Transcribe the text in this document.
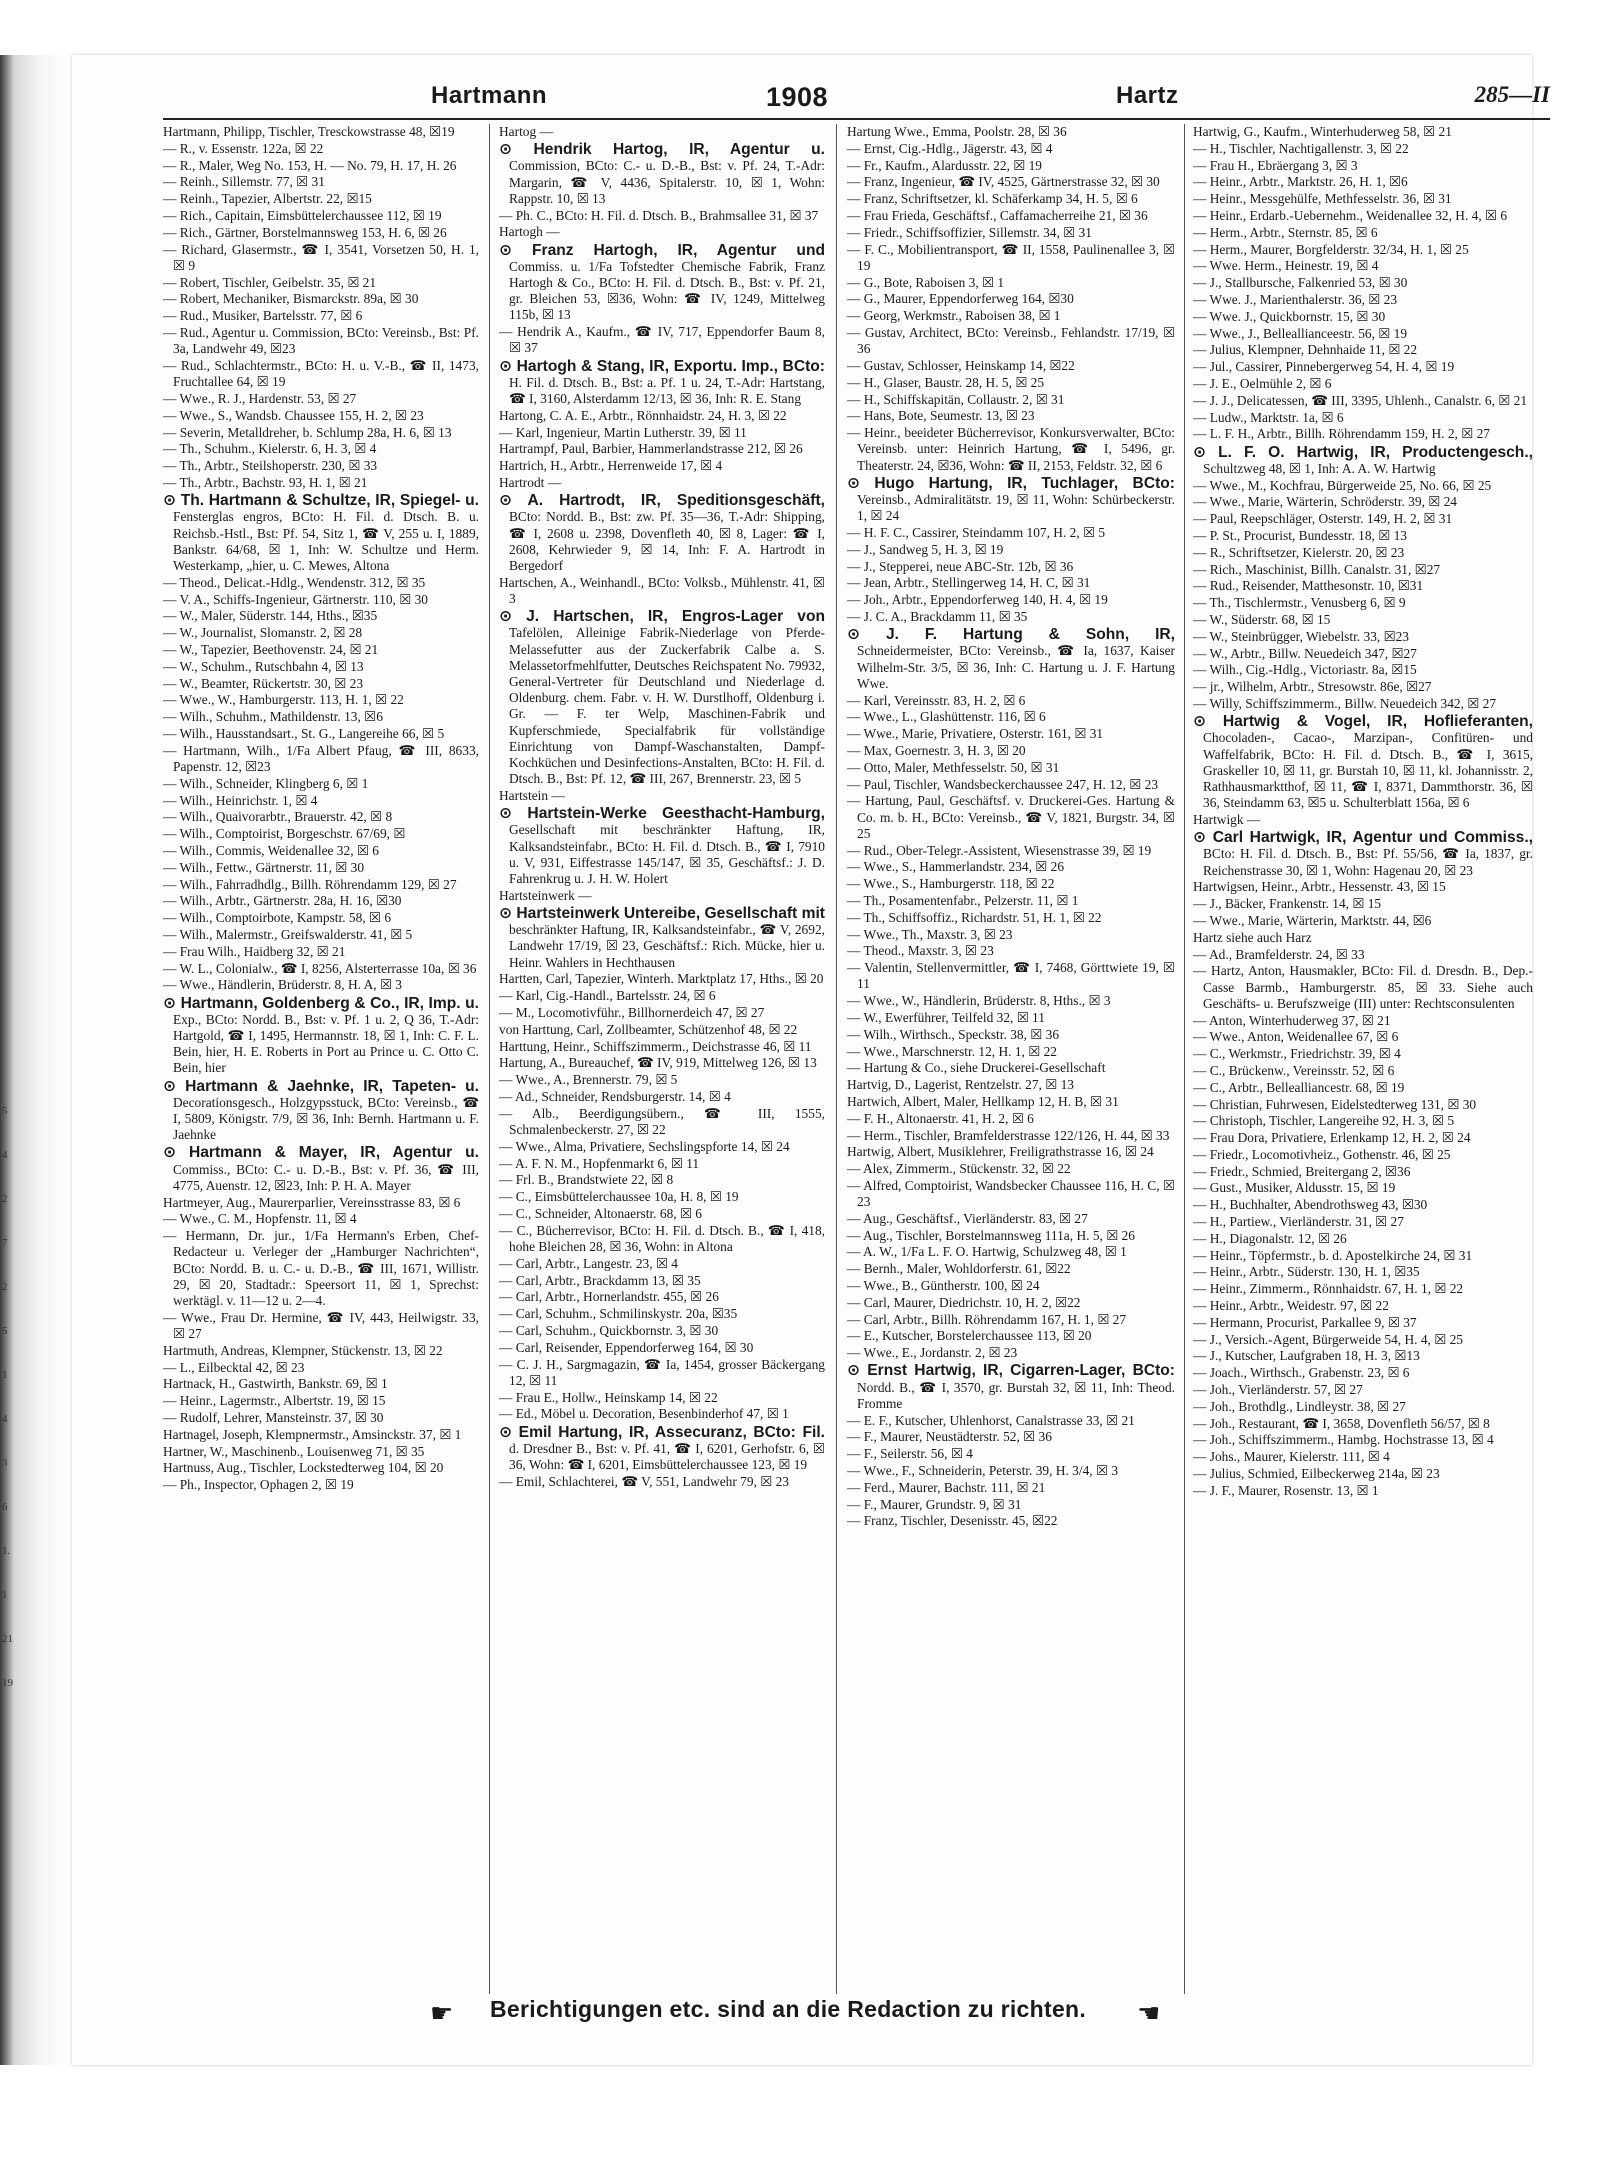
5
4
2
7
2
5
1
4
3
6
1.
1
21
19
Hartmann	1908	Hartz	285—II
Hartmann, Philipp, Tischler, Tresckowstrasse 48, ☒19
— R., v. Essenstr. 122a, ☒ 22
— R., Maler, Weg No. 153, H. — No. 79, H. 17, H. 26
— Reinh., Sillemstr. 77, ☒ 31
— Reinh., Tapezier, Albertstr. 22, ☒15
— Rich., Capitain, Eimsbüttelerchaussee 112, ☒ 19
— Rich., Gärtner, Borstelmannsweg 153, H. 6, ☒ 26
— Richard, Glasermstr., ☎ I, 3541, Vorsetzen 50, H. 1, ☒ 9
— Robert, Tischler, Geibelstr. 35, ☒ 21
— Robert, Mechaniker, Bismarckstr. 89a, ☒ 30
— Rud., Musiker, Bartelsstr. 77, ☒ 6
— Rud., Agentur u. Commission, BCto: Vereinsb., Bst: Pf. 3a, Landwehr 49, ☒23
— Rud., Schlachtermstr., BCto: H. u. V.-B., ☎ II, 1473, Fruchtallee 64, ☒ 19
— Wwe., R. J., Hardenstr. 53, ☒ 27
— Wwe., S., Wandsb. Chaussee 155, H. 2, ☒ 23
— Severin, Metalldreher, b. Schlump 28a, H. 6, ☒ 13
— Th., Schuhm., Kielerstr. 6, H. 3, ☒ 4
— Th., Arbtr., Steilshoperstr. 230, ☒ 33
— Th., Arbtr., Bachstr. 93, H. 1, ☒ 21
⊙ Th. Hartmann & Schultze, IR, Spiegel- u. Fensterglas engros, BCto: H. Fil. d. Dtsch. B. u. Reichsb.-Hstl., Bst: Pf. 54, Sitz 1, ☎ V, 255 u. I, 1889, Bankstr. 64/68, ☒ 1, Inh: W. Schultze und Herm. Westerkamp, „hier, u. C. Mewes, Altona
— Theod., Delicat.-Hdlg., Wendenstr. 312, ☒ 35
— V. A., Schiffs-Ingenieur, Gärtnerstr. 110, ☒ 30
— W., Maler, Süderstr. 144, Hths., ☒35
— W., Journalist, Slomanstr. 2, ☒ 28
— W., Tapezier, Beethovenstr. 24, ☒ 21
— W., Schuhm., Rutschbahn 4, ☒ 13
— W., Beamter, Rückertstr. 30, ☒ 23
— Wwe., W., Hamburgerstr. 113, H. 1, ☒ 22
— Wilh., Schuhm., Mathildenstr. 13, ☒6
— Wilh., Hausstandsart., St. G., Langereihe 66, ☒ 5
— Hartmann, Wilh., 1/Fa Albert Pfaug, ☎ III, 8633, Papenstr. 12, ☒23
— Wilh., Schneider, Klingberg 6, ☒ 1
— Wilh., Heinrichstr. 1, ☒ 4
— Wilh., Quaivorarbtr., Brauerstr. 42, ☒ 8
— Wilh., Comptoirist, Borgeschstr. 67/69, ☒
— Wilh., Commis, Weidenallee 32, ☒ 6
— Wilh., Fettw., Gärtnerstr. 11, ☒ 30
— Wilh., Fahrradhdlg., Billh. Röhrendamm 129, ☒ 27
— Wilh., Arbtr., Gärtnerstr. 28a, H. 16, ☒30
— Wilh., Comptoirbote, Kampstr. 58, ☒ 6
— Wilh., Malermstr., Greifswalderstr. 41, ☒ 5
— Frau Wilh., Haidberg 32, ☒ 21
— W. L., Colonialw., ☎ I, 8256, Alsterterrasse 10a, ☒ 36
— Wwe., Händlerin, Brüderstr. 8, H. A, ☒ 3
⊙ Hartmann, Goldenberg & Co., IR, Imp. u. Exp., BCto: Nordd. B., Bst: v. Pf. 1 u. 2, Q 36, T.-Adr: Hartgold, ☎ I, 1495, Hermannstr. 18, ☒ 1, Inh: C. F. L. Bein, hier, H. E. Roberts in Port au Prince u. C. Otto C. Bein, hier
⊙ Hartmann & Jaehnke, IR, Tapeten- u. Decorationsgesch., Holzgypsstuck, BCto: Vereinsb., ☎ I, 5809, Königstr. 7/9, ☒ 36, Inh: Bernh. Hartmann u. F. Jaehnke
⊙ Hartmann & Mayer, IR, Agentur u. Commiss., BCto: C.- u. D.-B., Bst: v. Pf. 36, ☎ III, 4775, Auenstr. 12, ☒23, Inh: P. H. A. Mayer
Hartmeyer, Aug., Maurerparlier, Vereinsstrasse 83, ☒ 6
— Wwe., C. M., Hopfenstr. 11, ☒ 4
— Hermann, Dr. jur., 1/Fa Hermann's Erben, Chef-Redacteur u. Verleger der „Hamburger Nachrichten“, BCto: Nordd. B. u. C.- u. D.-B., ☎ III, 1671, Willistr. 29, ☒ 20, Stadtadr.: Speersort 11, ☒ 1, Sprechst: werktägl. v. 11—12 u. 2—4.
— Wwe., Frau Dr. Hermine, ☎ IV, 443, Heilwigstr. 33, ☒ 27
Hartmuth, Andreas, Klempner, Stückenstr. 13, ☒ 22
— L., Eilbecktal 42, ☒ 23
Hartnack, H., Gastwirth, Bankstr. 69, ☒ 1
— Heinr., Lagermstr., Albertstr. 19, ☒ 15
— Rudolf, Lehrer, Mansteinstr. 37, ☒ 30
Hartnagel, Joseph, Klempnermstr., Amsinckstr. 37, ☒ 1
Hartner, W., Maschinenb., Louisenweg 71, ☒ 35
Hartnuss, Aug., Tischler, Lockstedterweg 104, ☒ 20
— Ph., Inspector, Ophagen 2, ☒ 19
Hartog —
⊙ Hendrik Hartog, IR, Agentur u. Commission, BCto: C.- u. D.-B., Bst: v. Pf. 24, T.-Adr: Margarin, ☎ V, 4436, Spitalerstr. 10, ☒ 1, Wohn: Rappstr. 10, ☒ 13
— Ph. C., BCto: H. Fil. d. Dtsch. B., Brahmsallee 31, ☒ 37
Hartogh —
⊙ Franz Hartogh, IR, Agentur und Commiss. u. 1/Fa Tofstedter Chemische Fabrik, Franz Hartogh & Co., BCto: H. Fil. d. Dtsch. B., Bst: v. Pf. 21, gr. Bleichen 53, ☒36, Wohn: ☎ IV, 1249, Mittelweg 115b, ☒ 13
— Hendrik A., Kaufm., ☎ IV, 717, Eppendorfer Baum 8, ☒ 37
⊙ Hartogh & Stang, IR, Exportu. Imp., BCto: H. Fil. d. Dtsch. B., Bst: a. Pf. 1 u. 24, T.-Adr: Hartstang, ☎ I, 3160, Alsterdamm 12/13, ☒ 36, Inh: R. E. Stang
Hartong, C. A. E., Arbtr., Rönnhaidstr. 24, H. 3, ☒ 22
— Karl, Ingenieur, Martin Lutherstr. 39, ☒ 11
Hartrampf, Paul, Barbier, Hammerlandstrasse 212, ☒ 26
Hartrich, H., Arbtr., Herrenweide 17, ☒ 4
Hartrodt —
⊙ A. Hartrodt, IR, Speditionsgeschäft, BCto: Nordd. B., Bst: zw. Pf. 35—36, T.-Adr: Shipping, ☎ I, 2608 u. 2398, Dovenfleth 40, ☒ 8, Lager: ☎ I, 2608, Kehrwieder 9, ☒ 14, Inh: F. A. Hartrodt in Bergedorf
Hartschen, A., Weinhandl., BCto: Volksb., Mühlenstr. 41, ☒ 3
⊙ J. Hartschen, IR, Engros-Lager von Tafelölen, Alleinige Fabrik-Niederlage von Pferde-Melassefutter aus der Zuckerfabrik Calbe a. S. Melassetorfmehlfutter, Deutsches Reichspatent No. 79932, General-Vertreter für Deutschland und Niederlage d. Oldenburg. chem. Fabr. v. H. W. Durstlhoff, Oldenburg i. Gr. — F. ter Welp, Maschinen-Fabrik und Kupferschmiede, Specialfabrik für vollständige Einrichtung von Dampf-Waschanstalten, Dampf-Kochküchen und Desinfections-Anstalten, BCto: H. Fil. d. Dtsch. B., Bst: Pf. 12, ☎ III, 267, Brennerstr. 23, ☒ 5
Hartstein —
⊙ Hartstein-Werke Geesthacht-Hamburg, Gesellschaft mit beschränkter Haftung, IR, Kalksandsteinfabr., BCto: H. Fil. d. Dtsch. B., ☎ I, 7910 u. V, 931, Eiffestrasse 145/147, ☒ 35, Geschäftsf.: J. D. Fahrenkrug u. J. H. W. Holert
Hartsteinwerk —
⊙ Hartsteinwerk Untereibe, Gesellschaft mit beschränkter Haftung, IR, Kalksandsteinfabr., ☎ V, 2692, Landwehr 17/19, ☒ 23, Geschäftsf.: Rich. Mücke, hier u. Heinr. Wahlers in Hechthausen
Hartten, Carl, Tapezier, Winterh. Marktplatz 17, Hths., ☒ 20
— Karl, Cig.-Handl., Bartelsstr. 24, ☒ 6
— M., Locomotivführ., Billhornerdeich 47, ☒ 27
von Harttung, Carl, Zollbeamter, Schützenhof 48, ☒ 22
Harttung, Heinr., Schiffszimmerm., Deichstrasse 46, ☒ 11
Hartung, A., Bureauchef, ☎ IV, 919, Mittelweg 126, ☒ 13
— Wwe., A., Brennerstr. 79, ☒ 5
— Ad., Schneider, Rendsburgerstr. 14, ☒ 4
— Alb., Beerdigungsübern., ☎ III, 1555, Schmalenbeckerstr. 27, ☒ 22
— Wwe., Alma, Privatiere, Sechslingspforte 14, ☒ 24
— A. F. N. M., Hopfenmarkt 6, ☒ 11
— Frl. B., Brandstwiete 22, ☒ 8
— C., Eimsbüttelerchaussee 10a, H. 8, ☒ 19
— C., Schneider, Altonaerstr. 68, ☒ 6
— C., Bücherrevisor, BCto: H. Fil. d. Dtsch. B., ☎ I, 418, hohe Bleichen 28, ☒ 36, Wohn: in Altona
— Carl, Arbtr., Langestr. 23, ☒ 4
— Carl, Arbtr., Brackdamm 13, ☒ 35
— Carl, Arbtr., Hornerlandstr. 455, ☒ 26
— Carl, Schuhm., Schmilinskystr. 20a, ☒35
— Carl, Schuhm., Quickbornstr. 3, ☒ 30
— Carl, Reisender, Eppendorferweg 164, ☒ 30
— C. J. H., Sargmagazin, ☎ Ia, 1454, grosser Bäckergang 12, ☒ 11
— Frau E., Hollw., Heinskamp 14, ☒ 22
— Ed., Möbel u. Decoration, Besenbinderhof 47, ☒ 1
⊙ Emil Hartung, IR, Assecuranz, BCto: Fil. d. Dresdner B., Bst: v. Pf. 41, ☎ I, 6201, Gerhofstr. 6, ☒ 36, Wohn: ☎ I, 6201, Eimsbüttelerchaussee 123, ☒ 19
— Emil, Schlachterei, ☎ V, 551, Landwehr 79, ☒ 23
Hartung Wwe., Emma, Poolstr. 28, ☒ 36
— Ernst, Cig.-Hdlg., Jägerstr. 43, ☒ 4
— Fr., Kaufm., Alardusstr. 22, ☒ 19
— Franz, Ingenieur, ☎ IV, 4525, Gärtnerstrasse 32, ☒ 30
— Franz, Schriftsetzer, kl. Schäferkamp 34, H. 5, ☒ 6
— Frau Frieda, Geschäftsf., Caffamacherreihe 21, ☒ 36
— Friedr., Schiffsoffizier, Sillemstr. 34, ☒ 31
— F. C., Mobilientransport, ☎ II, 1558, Paulinenallee 3, ☒ 19
— G., Bote, Raboisen 3, ☒ 1
— G., Maurer, Eppendorferweg 164, ☒30
— Georg, Werkmstr., Raboisen 38, ☒ 1
— Gustav, Architect, BCto: Vereinsb., Fehlandstr. 17/19, ☒ 36
— Gustav, Schlosser, Heinskamp 14, ☒22
— H., Glaser, Baustr. 28, H. 5, ☒ 25
— H., Schiffskapitän, Collaustr. 2, ☒ 31
— Hans, Bote, Seumestr. 13, ☒ 23
— Heinr., beeideter Bücherrevisor, Konkursverwalter, BCto: Vereinsb. unter: Heinrich Hartung, ☎ I, 5496, gr. Theaterstr. 24, ☒36, Wohn: ☎ II, 2153, Feldstr. 32, ☒ 6
⊙ Hugo Hartung, IR, Tuchlager, BCto: Vereinsb., Admiralitätstr. 19, ☒ 11, Wohn: Schürbeckerstr. 1, ☒ 24
— H. F. C., Cassirer, Steindamm 107, H. 2, ☒ 5
— J., Sandweg 5, H. 3, ☒ 19
— J., Stepperei, neue ABC-Str. 12b, ☒ 36
— Jean, Arbtr., Stellingerweg 14, H. C, ☒ 31
— Joh., Arbtr., Eppendorferweg 140, H. 4, ☒ 19
— J. C. A., Brackdamm 11, ☒ 35
⊙ J. F. Hartung & Sohn, IR, Schneidermeister, BCto: Vereinsb., ☎ Ia, 1637, Kaiser Wilhelm-Str. 3/5, ☒ 36, Inh: C. Hartung u. J. F. Hartung Wwe.
— Karl, Vereinsstr. 83, H. 2, ☒ 6
— Wwe., L., Glashüttenstr. 116, ☒ 6
— Wwe., Marie, Privatiere, Osterstr. 161, ☒ 31
— Max, Goernestr. 3, H. 3, ☒ 20
— Otto, Maler, Methfesselstr. 50, ☒ 31
— Paul, Tischler, Wandsbeckerchaussee 247, H. 12, ☒ 23
— Hartung, Paul, Geschäftsf. v. Druckerei-Ges. Hartung & Co. m. b. H., BCto: Vereinsb., ☎ V, 1821, Burgstr. 34, ☒ 25
— Rud., Ober-Telegr.-Assistent, Wiesenstrasse 39, ☒ 19
— Wwe., S., Hammerlandstr. 234, ☒ 26
— Wwe., S., Hamburgerstr. 118, ☒ 22
— Th., Posamentenfabr., Pelzerstr. 11, ☒ 1
— Th., Schiffsoffiz., Richardstr. 51, H. 1, ☒ 22
— Wwe., Th., Maxstr. 3, ☒ 23
— Theod., Maxstr. 3, ☒ 23
— Valentin, Stellenvermittler, ☎ I, 7468, Görttwiete 19, ☒ 11
— Wwe., W., Händlerin, Brüderstr. 8, Hths., ☒ 3
— W., Ewerführer, Teilfeld 32, ☒ 11
— Wilh., Wirthsch., Speckstr. 38, ☒ 36
— Wwe., Marschnerstr. 12, H. 1, ☒ 22
— Hartung & Co., siehe Druckerei-Gesellschaft
Hartvig, D., Lagerist, Rentzelstr. 27, ☒ 13
Hartwich, Albert, Maler, Hellkamp 12, H. B, ☒ 31
— F. H., Altonaerstr. 41, H. 2, ☒ 6
— Herm., Tischler, Bramfelderstrasse 122/126, H. 44, ☒ 33
Hartwig, Albert, Musiklehrer, Freiligrathstrasse 16, ☒ 24
— Alex, Zimmerm., Stückenstr. 32, ☒ 22
— Alfred, Comptoirist, Wandsbecker Chaussee 116, H. C, ☒ 23
— Aug., Geschäftsf., Vierländerstr. 83, ☒ 27
— Aug., Tischler, Borstelmannsweg 111a, H. 5, ☒ 26
— A. W., 1/Fa L. F. O. Hartwig, Schulzweg 48, ☒ 1
— Bernh., Maler, Wohldorferstr. 61, ☒22
— Wwe., B., Güntherstr. 100, ☒ 24
— Carl, Maurer, Diedrichstr. 10, H. 2, ☒22
— Carl, Arbtr., Billh. Röhrendamm 167, H. 1, ☒ 27
— E., Kutscher, Borstelerchaussee 113, ☒ 20
— Wwe., E., Jordanstr. 2, ☒ 23
⊙ Ernst Hartwig, IR, Cigarren-Lager, BCto: Nordd. B., ☎ I, 3570, gr. Burstah 32, ☒ 11, Inh: Theod. Fromme
— E. F., Kutscher, Uhlenhorst, Canalstrasse 33, ☒ 21
— F., Maurer, Neustädterstr. 52, ☒ 36
— F., Seilerstr. 56, ☒ 4
— Wwe., F., Schneiderin, Peterstr. 39, H. 3/4, ☒ 3
— Ferd., Maurer, Bachstr. 111, ☒ 21
— F., Maurer, Grundstr. 9, ☒ 31
— Franz, Tischler, Desenisstr. 45, ☒22
Hartwig, G., Kaufm., Winterhuderweg 58, ☒ 21
— H., Tischler, Nachtigallenstr. 3, ☒ 22
— Frau H., Ebräergang 3, ☒ 3
— Heinr., Arbtr., Marktstr. 26, H. 1, ☒6
— Heinr., Messgehülfe, Methfesselstr. 36, ☒ 31
— Heinr., Erdarb.-Uebernehm., Weidenallee 32, H. 4, ☒ 6
— Herm., Arbtr., Sternstr. 85, ☒ 6
— Herm., Maurer, Borgfelderstr. 32/34, H. 1, ☒ 25
— Wwe. Herm., Heinestr. 19, ☒ 4
— J., Stallbursche, Falkenried 53, ☒ 30
— Wwe. J., Marienthalerstr. 36, ☒ 23
— Wwe. J., Quickbornstr. 15, ☒ 30
— Wwe., J., Belleallianceestr. 56, ☒ 19
— Julius, Klempner, Dehnhaide 11, ☒ 22
— Jul., Cassirer, Pinnebergerweg 54, H. 4, ☒ 19
— J. E., Oelmühle 2, ☒ 6
— J. J., Delicatessen, ☎ III, 3395, Uhlenh., Canalstr. 6, ☒ 21
— Ludw., Marktstr. 1a, ☒ 6
— L. F. H., Arbtr., Billh. Röhrendamm 159, H. 2, ☒ 27
⊙ L. F. O. Hartwig, IR, Productengesch., Schultzweg 48, ☒ 1, Inh: A. A. W. Hartwig
— Wwe., M., Kochfrau, Bürgerweide 25, No. 66, ☒ 25
— Wwe., Marie, Wärterin, Schröderstr. 39, ☒ 24
— Paul, Reepschläger, Osterstr. 149, H. 2, ☒ 31
— P. St., Procurist, Bundesstr. 18, ☒ 13
— R., Schriftsetzer, Kielerstr. 20, ☒ 23
— Rich., Maschinist, Billh. Canalstr. 31, ☒27
— Rud., Reisender, Matthesonstr. 10, ☒31
— Th., Tischlermstr., Venusberg 6, ☒ 9
— W., Süderstr. 68, ☒ 15
— W., Steinbrügger, Wiebelstr. 33, ☒23
— W., Arbtr., Billw. Neuedeich 347, ☒27
— Wilh., Cig.-Hdlg., Victoriastr. 8a, ☒15
— jr., Wilhelm, Arbtr., Stresowstr. 86e, ☒27
— Willy, Schiffszimmerm., Billw. Neuedeich 342, ☒ 27
⊙ Hartwig & Vogel, IR, Hoflieferanten, Chocoladen-, Cacao-, Marzipan-, Confitüren- und Waffelfabrik, BCto: H. Fil. d. Dtsch. B., ☎ I, 3615, Graskeller 10, ☒ 11, gr. Burstah 10, ☒ 11, kl. Johannisstr. 2, Rathhausmarktthof, ☒ 11, ☎ I, 8371, Dammthorstr. 36, ☒ 36, Steindamm 63, ☒5 u. Schulterblatt 156a, ☒ 6
Hartwigk —
⊙ Carl Hartwigk, IR, Agentur und Commiss., BCto: H. Fil. d. Dtsch. B., Bst: Pf. 55/56, ☎ Ia, 1837, gr. Reichenstrasse 30, ☒ 1, Wohn: Hagenau 20, ☒ 23
Hartwigsen, Heinr., Arbtr., Hessenstr. 43, ☒ 15
— J., Bäcker, Frankenstr. 14, ☒ 15
— Wwe., Marie, Wärterin, Marktstr. 44, ☒6
Hartz siehe auch Harz
— Ad., Bramfelderstr. 24, ☒ 33
— Hartz, Anton, Hausmakler, BCto: Fil. d. Dresdn. B., Dep.-Casse Barmb., Hamburgerstr. 85, ☒ 33. Siehe auch Geschäfts- u. Berufszweige (III) unter: Rechtsconsulenten
— Anton, Winterhuderweg 37, ☒ 21
— Wwe., Anton, Weidenallee 67, ☒ 6
— C., Werkmstr., Friedrichstr. 39, ☒ 4
— C., Brückenw., Vereinsstr. 52, ☒ 6
— C., Arbtr., Bellealliancestr. 68, ☒ 19
— Christian, Fuhrwesen, Eidelstedterweg 131, ☒ 30
— Christoph, Tischler, Langereihe 92, H. 3, ☒ 5
— Frau Dora, Privatiere, Erlenkamp 12, H. 2, ☒ 24
— Friedr., Locomotivheiz., Gothenstr. 46, ☒ 25
— Friedr., Schmied, Breitergang 2, ☒36
— Gust., Musiker, Aldusstr. 15, ☒ 19
— H., Buchhalter, Abendrothsweg 43, ☒30
— H., Partiew., Vierländerstr. 31, ☒ 27
— H., Diagonalstr. 12, ☒ 26
— Heinr., Töpfermstr., b. d. Apostelkirche 24, ☒ 31
— Heinr., Arbtr., Süderstr. 130, H. 1, ☒35
— Heinr., Zimmerm., Rönnhaidstr. 67, H. 1, ☒ 22
— Heinr., Arbtr., Weidestr. 97, ☒ 22
— Hermann, Procurist, Parkallee 9, ☒ 37
— J., Versich.-Agent, Bürgerweide 54, H. 4, ☒ 25
— J., Kutscher, Laufgraben 18, H. 3, ☒13
— Joach., Wirthsch., Grabenstr. 23, ☒ 6
— Joh., Vierländerstr. 57, ☒ 27
— Joh., Brothdlg., Lindleystr. 38, ☒ 27
— Joh., Restaurant, ☎ I, 3658, Dovenfleth 56/57, ☒ 8
— Joh., Schiffszimmerm., Hambg. Hochstrasse 13, ☒ 4
— Johs., Maurer, Kielerstr. 111, ☒ 4
— Julius, Schmied, Eilbeckerweg 214a, ☒ 23
— J. F., Maurer, Rosenstr. 13, ☒ 1
☛ Berichtigungen etc. sind an die Redaction zu richten. ☛
